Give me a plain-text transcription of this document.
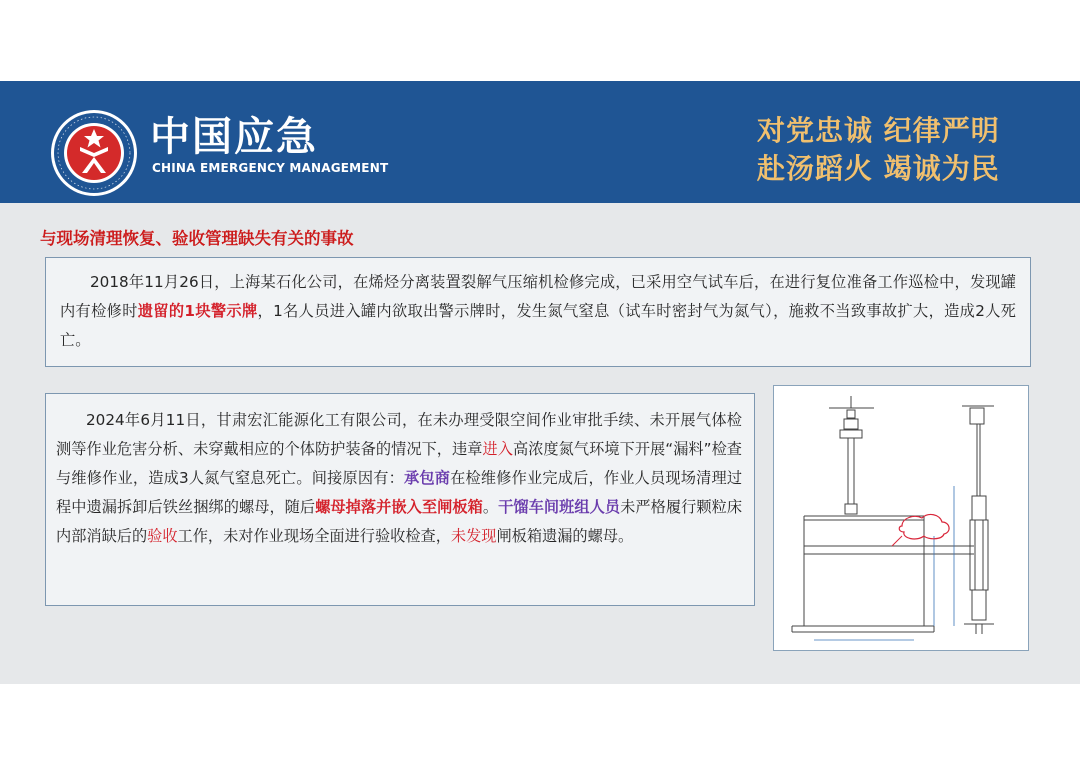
中国应急
CHINA EMERGENCY MANAGEMENT
对党忠诚 纪律严明
赴汤蹈火 竭诚为民
与现场清理恢复、验收管理缺失有关的事故

2018年11月26日，上海某石化公司，在烯烃分离装置裂解气压缩机检修完成，已采用空气试车后，在进行复位准备工作巡检中，发现罐内有检修时遗留的1块警示牌，1名人员进入罐内欲取出警示牌时，发生氮气窒息（试车时密封气为氮气），施救不当致事故扩大，造成2人死亡。

2024年6月11日，甘肃宏汇能源化工有限公司，在未办理受限空间作业审批手续、未开展气体检测等作业危害分析、未穿戴相应的个体防护装备的情况下，违章进入高浓度氮气环境下开展“漏料”检查与维修作业，造成3人氮气窒息死亡。间接原因有：承包商在检维修作业完成后，作业人员现场清理过程中遗漏拆卸后铁丝捆绑的螺母，随后螺母掉落并嵌入至闸板箱。干馏车间班组人员未严格履行颗粒床内部消缺后的验收工作，未对作业现场全面进行验收检查，未发现闸板箱遗漏的螺母。
